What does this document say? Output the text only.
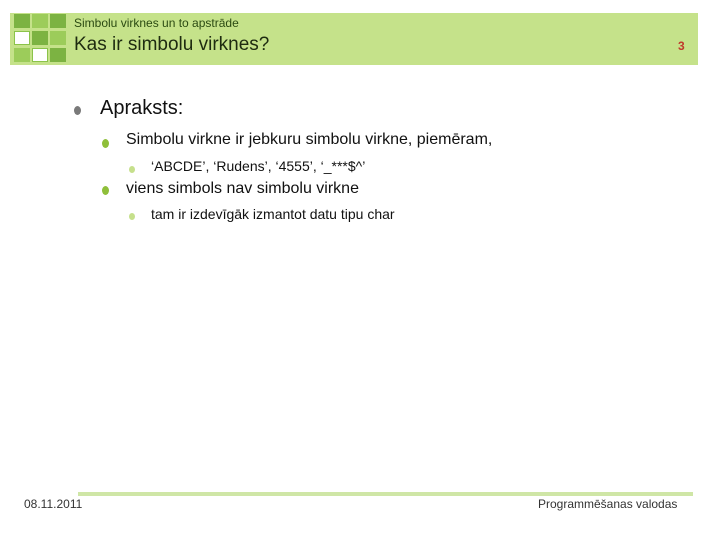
Simbolu virknes un to apstrāde
Kas ir simbolu virknes?	3
Apraksts:
Simbolu virkne ir jebkuru simbolu virkne, piemēram,
‘ABCDE’, ‘Rudens’, ‘4555’, ‘_***$^’
viens simbols nav simbolu virkne
tam ir izdevīgāk izmantot datu tipu char
08.11.2011	Programmēšanas valodas
